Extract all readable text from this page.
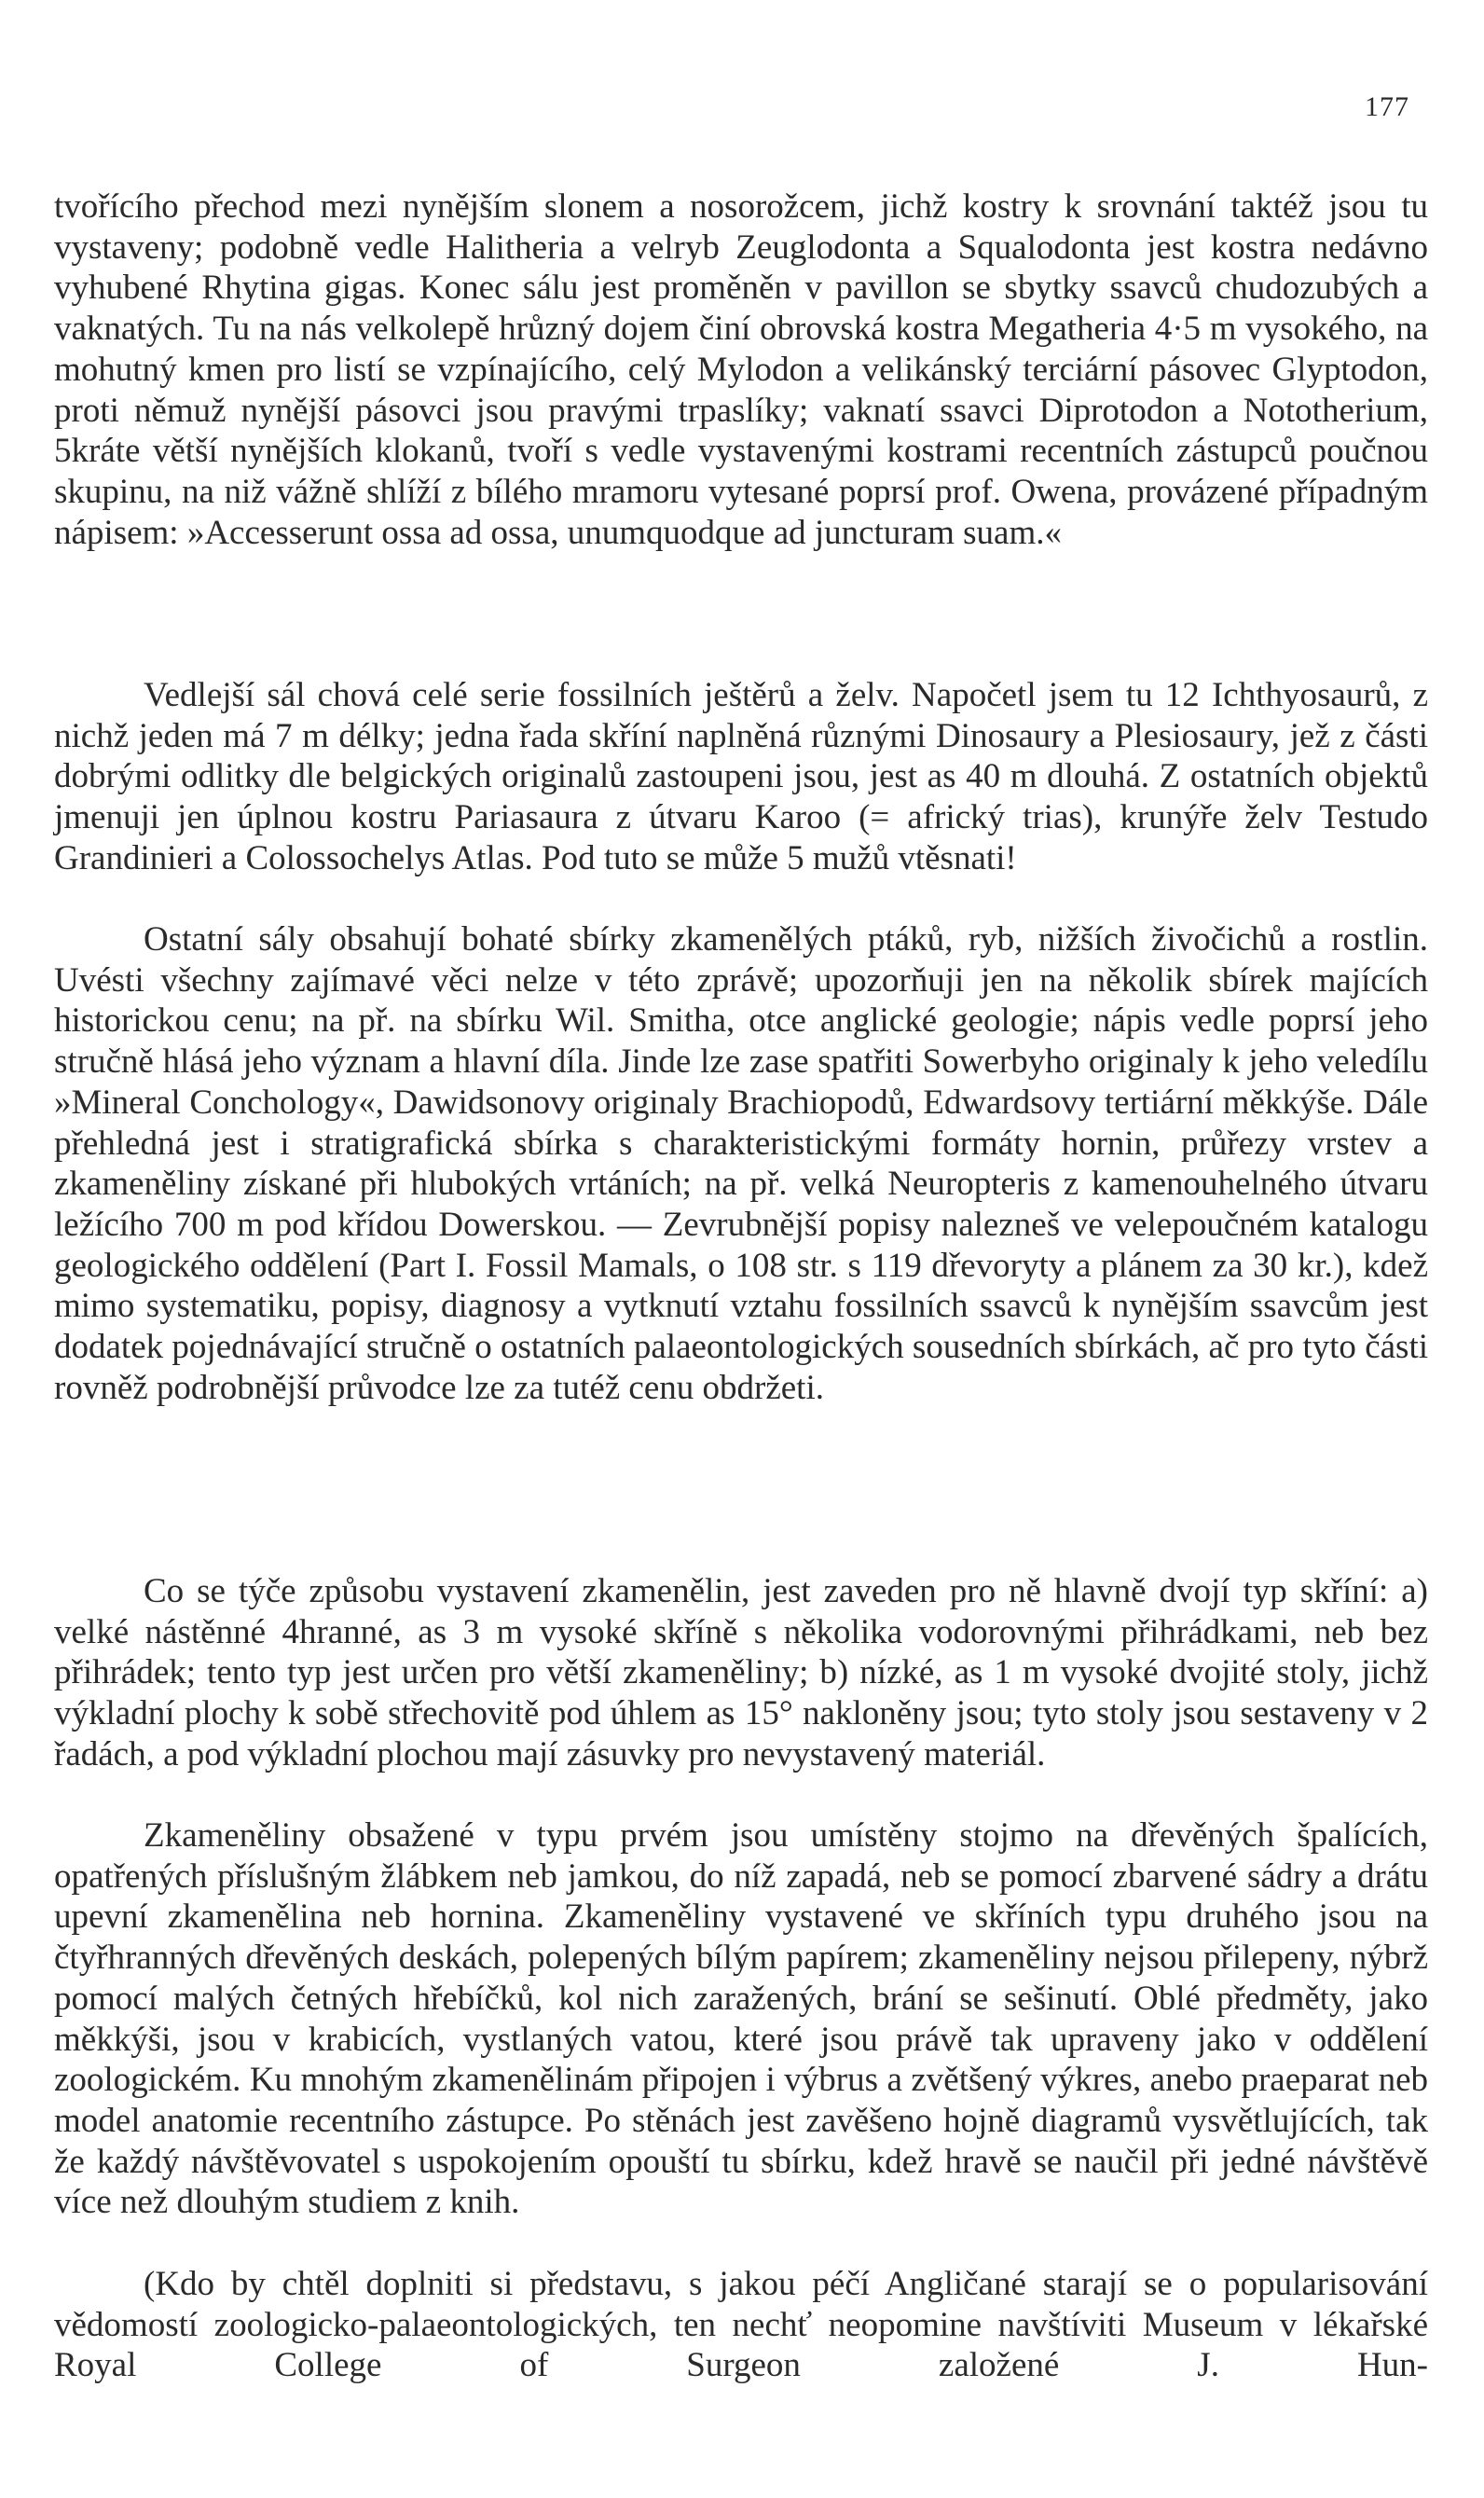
177

tvořícího přechod mezi nynějším slonem a nosorožcem, jichž kostry k srovnání taktéž jsou tu vystaveny; podobně vedle Halitheria a velryb Zeuglodonta a Squalodonta jest kostra nedávno vyhubené Rhytina gigas. Konec sálu jest proměněn v pavillon se sbytky ssavců chudozubých a vaknatých. Tu na nás velkolepě hrůzný dojem činí obrovská kostra Megatheria 4·5 m vysokého, na mohutný kmen pro listí se vzpínajícího, celý Mylodon a velikánský terciární pásovec Glyptodon, proti němuž nynější pásovci jsou pravými trpaslíky; vaknatí ssavci Diprotodon a Nototherium, 5kráte větší nynějších klokanů, tvoří s vedle vystavenými kostrami recentních zástupců poučnou skupinu, na niž vážně shlíží z bílého mramoru vytesané poprsí prof. Owena, provázené případným nápisem: »Accesserunt ossa ad ossa, unumquodque ad juncturam suam.«

Vedlejší sál chová celé serie fossilních ještěrů a želv. Napočetl jsem tu 12 Ichthyosaurů, z nichž jeden má 7 m délky; jedna řada skříní naplněná různými Dinosaury a Plesiosaury, jež z části dobrými odlitky dle belgických originalů zastoupeni jsou, jest as 40 m dlouhá. Z ostatních objektů jmenuji jen úplnou kostru Pariasaura z útvaru Karoo (= africký trias), krunýře želv Testudo Grandinieri a Colossochelys Atlas. Pod tuto se může 5 mužů vtěsnati!

Ostatní sály obsahují bohaté sbírky zkamenělých ptáků, ryb, nižších živočichů a rostlin. Uvésti všechny zajímavé věci nelze v této zprávě; upozorňuji jen na několik sbírek majících historickou cenu; na př. na sbírku Wil. Smitha, otce anglické geologie; nápis vedle poprsí jeho stručně hlásá jeho význam a hlavní díla. Jinde lze zase spatřiti Sowerbyho originaly k jeho veledílu »Mineral Conchology«, Dawidsonovy originaly Brachiopodů, Edwardsovy tertiární měkkýše. Dále přehledná jest i stratigrafická sbírka s charakteristickými formáty hornin, průřezy vrstev a zkameněliny získané při hlubokých vrtáních; na př. velká Neuropteris z kamenouhelného útvaru ležícího 700 m pod křídou Dowerskou. — Zevrubnější popisy nalezneš ve velepoučném katalogu geologického oddělení (Part I. Fossil Mamals, o 108 str. s 119 dřevoryty a plánem za 30 kr.), kdež mimo systematiku, popisy, diagnosy a vytknutí vztahu fossilních ssavců k nynějším ssavcům jest dodatek pojednávající stručně o ostatních palaeontologických sousedních sbírkách, ač pro tyto části rovněž podrobnější průvodce lze za tutéž cenu obdržeti.

Co se týče způsobu vystavení zkamenělin, jest zaveden pro ně hlavně dvojí typ skříní: a) velké nástěnné 4hranné, as 3 m vysoké skříně s několika vodorovnými přihrádkami, neb bez přihrádek; tento typ jest určen pro větší zkameněliny; b) nízké, as 1 m vysoké dvojité stoly, jichž výkladní plochy k sobě střechovitě pod úhlem as 15° nakloněny jsou; tyto stoly jsou sestaveny v 2 řadách, a pod výkladní plochou mají zásuvky pro nevystavený materiál.

Zkameněliny obsažené v typu prvém jsou umístěny stojmo na dřevěných špalících, opatřených příslušným žlábkem neb jamkou, do níž zapadá, neb se pomocí zbarvené sádry a drátu upevní zkamenělina neb hornina. Zkameněliny vystavené ve skříních typu druhého jsou na čtyřhranných dřevěných deskách, polepených bílým papírem; zkameněliny nejsou přilepeny, nýbrž pomocí malých četných hřebíčků, kol nich zaražených, brání se sešinutí. Oblé předměty, jako měkkýši, jsou v krabicích, vystlaných vatou, které jsou právě tak upraveny jako v oddělení zoologickém. Ku mnohým zkamenělinám připojen i výbrus a zvětšený výkres, anebo praeparat neb model anatomie recentního zástupce. Po stěnách jest zavěšeno hojně diagramů vysvětlujících, tak že každý návštěvovatel s uspokojením opouští tu sbírku, kdež hravě se naučil při jedné návštěvě více než dlouhým studiem z knih.

(Kdo by chtěl doplniti si představu, s jakou péčí Angličané starají se o popularisování vědomostí zoologicko-palaeontologických, ten nechť neopomine navštíviti Museum v lékařské Royal College of Surgeon založené J. Hun-
